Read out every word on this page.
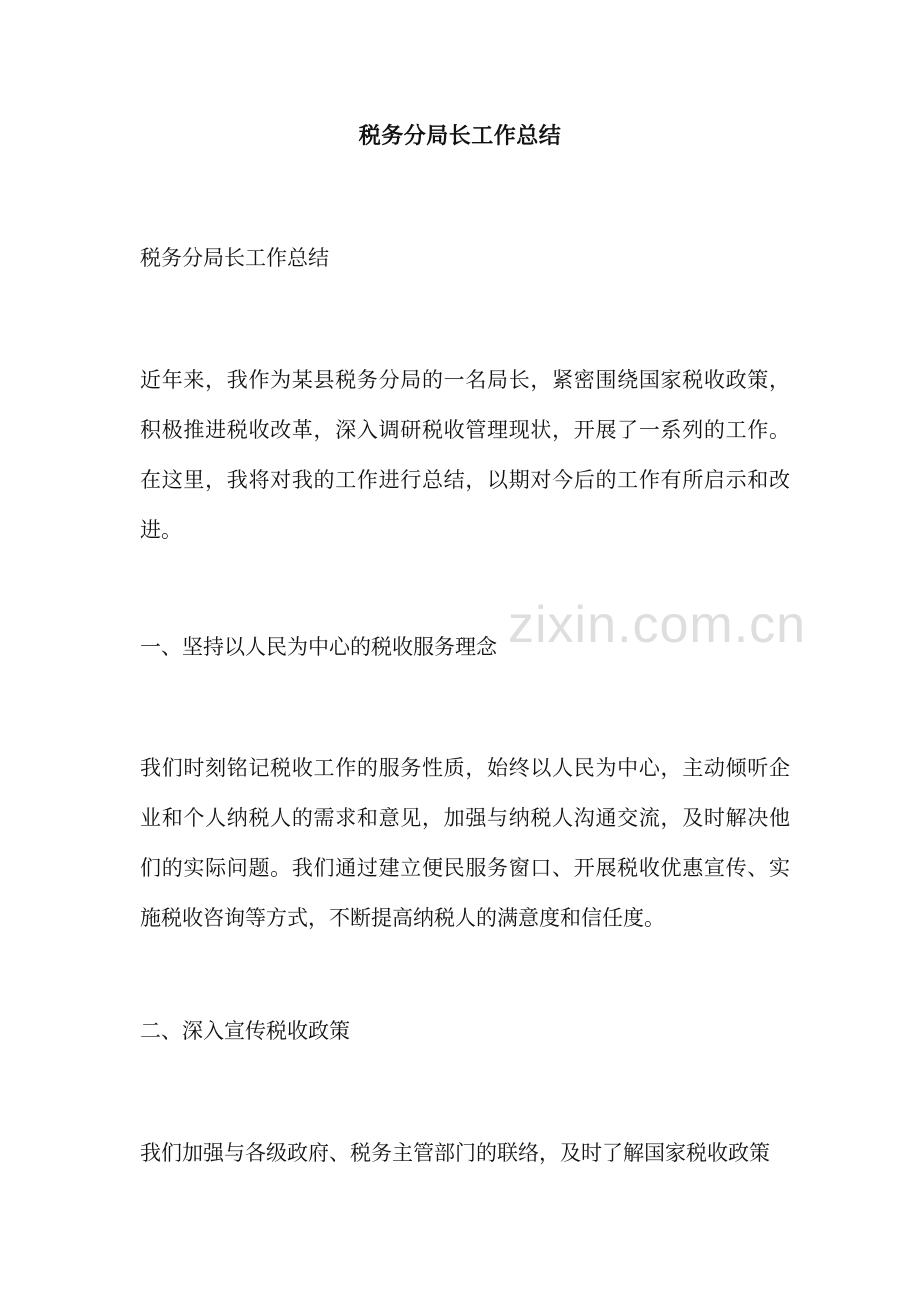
税务分局长工作总结

税务分局长工作总结

近年来，我作为某县税务分局的一名局长，紧密围绕国家税收政策，积极推进税收改革，深入调研税收管理现状，开展了一系列的工作。在这里，我将对我的工作进行总结，以期对今后的工作有所启示和改进。

一、坚持以人民为中心的税收服务理念

我们时刻铭记税收工作的服务性质，始终以人民为中心，主动倾听企业和个人纳税人的需求和意见，加强与纳税人沟通交流，及时解决他们的实际问题。我们通过建立便民服务窗口、开展税收优惠宣传、实施税收咨询等方式，不断提高纳税人的满意度和信任度。

二、深入宣传税收政策

我们加强与各级政府、税务主管部门的联络，及时了解国家税收政策

zixin.com.cn
